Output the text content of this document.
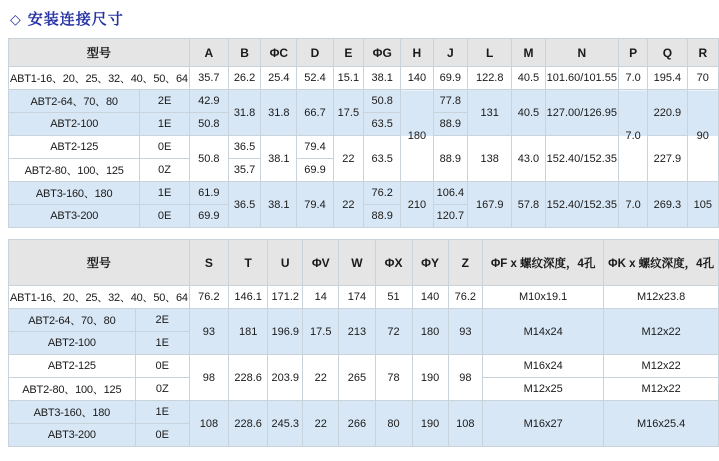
◇ 安装连接尺寸
型号		A	B	ΦC	D	E	ΦG	H	J	L	M	N	P	Q	R
ABT1-16、20、25、32、40、50、64		35.7	26.2	25.4	52.4	15.1	38.1	140	69.9	122.8	40.5	101.60/101.55	7.0	195.4	70
ABT2-64、70、80	2E	42.9	31.8	31.8	66.7	17.5	50.8	180	77.8	131	40.5	127.00/126.95	7.0	220.9	90
ABT2-100	1E	50.8					63.5		88.9						
ABT2-125	0E	50.8	36.5	38.1	79.4	22	63.5		88.9	138	43.0	152.40/152.35		227.9	
ABT2-80、100、125	0Z		35.7		69.9										
ABT3-160、180	1E	61.9	36.5	38.1	79.4	22	76.2	210	106.4	167.9	57.8	152.40/152.35	7.0	269.3	105
ABT3-200	0E	69.9					88.9		120.7						
型号		S	T	U	ΦV	W	ΦX	ΦY	Z	ΦF x 螺纹深度，4孔	ΦK x 螺纹深度，4孔
ABT1-16、20、25、32、40、50、64		76.2	146.1	171.2	14	174	51	140	76.2	M10x19.1	M12x23.8
ABT2-64、70、80	2E	93	181	196.9	17.5	213	72	180	93	M14x24	M12x22
ABT2-100	1E										
ABT2-125	0E	98	228.6	203.9	22	265	78	190	98	M16x24	M12x22
ABT2-80、100、125	0Z									M12x25	M12x22
ABT3-160、180	1E	108	228.6	245.3	22	266	80	190	108	M16x27	M16x25.4
ABT3-200	0E										
